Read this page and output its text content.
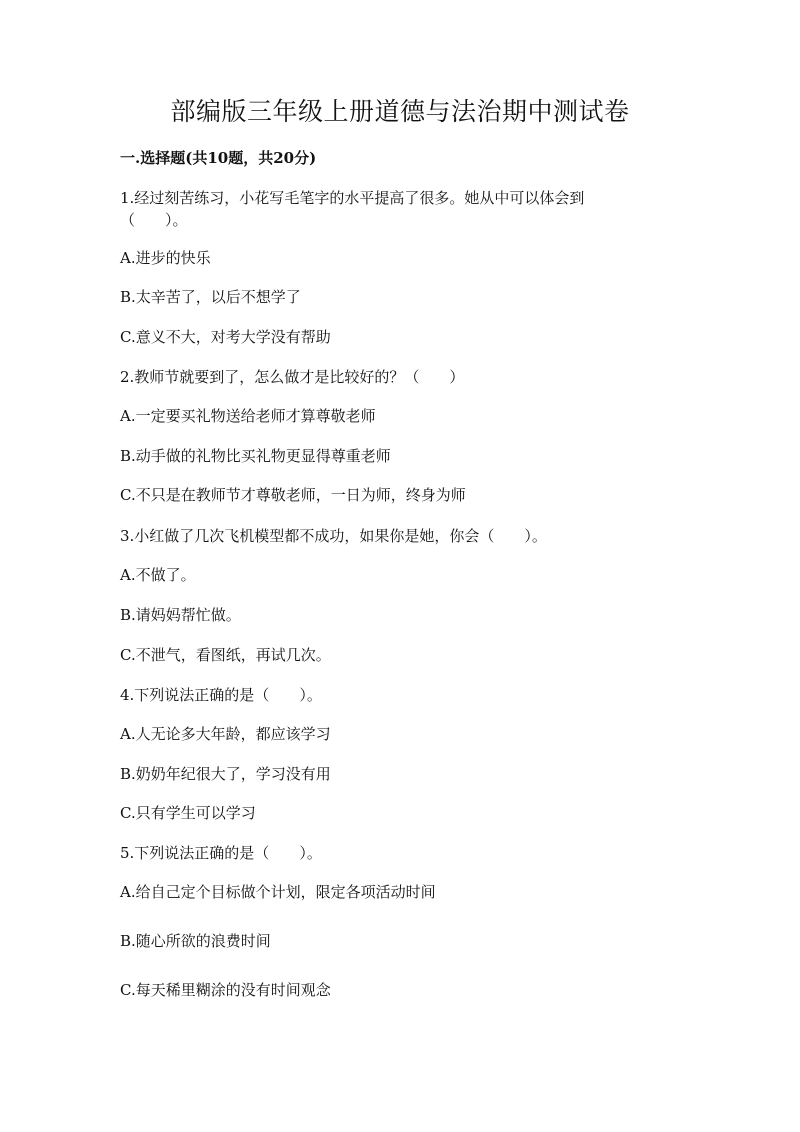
部编版三年级上册道德与法治期中测试卷
一.选择题(共10题，共20分)

1.经过刻苦练习，小花写毛笔字的水平提高了很多。她从中可以体会到

（　　）。

A.进步的快乐

B.太辛苦了，以后不想学了

C.意义不大，对考大学没有帮助

2.教师节就要到了，怎么做才是比较好的？（　　）

A.一定要买礼物送给老师才算尊敬老师

B.动手做的礼物比买礼物更显得尊重老师

C.不只是在教师节才尊敬老师，一日为师，终身为师

3.小红做了几次飞机模型都不成功，如果你是她，你会（　　）。

A.不做了。

B.请妈妈帮忙做。

C.不泄气，看图纸，再试几次。

4.下列说法正确的是（　　）。

A.人无论多大年龄，都应该学习

B.奶奶年纪很大了，学习没有用

C.只有学生可以学习

5.下列说法正确的是（　　）。

A.给自己定个目标做个计划，限定各项活动时间

B.随心所欲的浪费时间

C.每天稀里糊涂的没有时间观念
